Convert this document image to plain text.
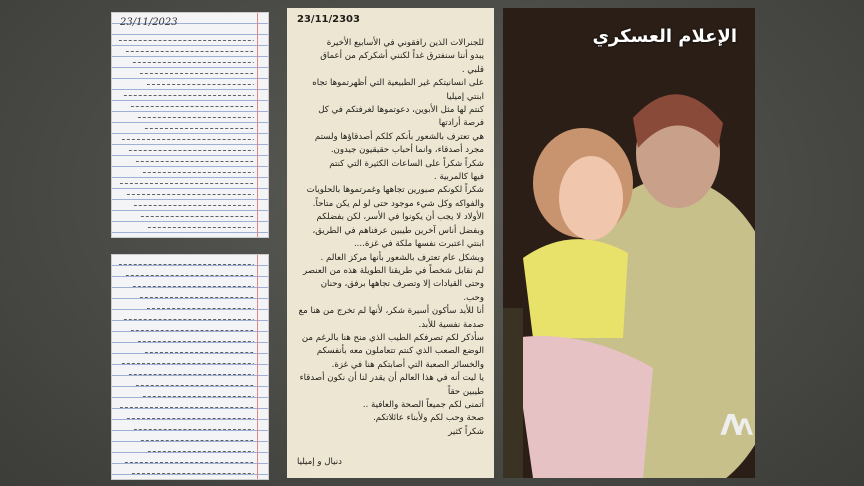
23/11/2023	23/11/2303
للجنرالات الذين رافقوني في الأسابيع الأخيرة
يبدو أننا سنفترق غداً لكنني أشكركم من أعماق
قلبي .
على انسانيتكم غير الطبيعية التي أظهرتموها تجاه
ابنتي إميليا
كنتم لها مثل الأبوين، دعوتموها لغرفتكم في كل
فرصة أرادتها
هي تعترف بالشعور بأنكم كلكم أصدقاؤها ولستم
مجرد أصدقاء، وانما أحباب حقيقيون جيدون.
شكراً شكراً على الساعات الكثيرة التي كنتم
فيها كالمربية .
شكراً لكونكم صبورين تجاهها وغمرتموها بالحلويات
والفواكه وكل شيء موجود حتى لو لم يكن متاحاً.
الأولاد لا يجب أن يكونوا في الأسر، لكن بفضلكم
وبفضل أناس آخرين طيبين عرفناهم في الطريق،
ابنتي اعتبرت نفسها ملكة في غزة....
وبشكل عام تعترف بالشعور بأنها مركز العالم .
لم نقابل شخصاً في طريقنا الطويلة هذه من العنصر
وحتى القيادات إلا وتصرف تجاهها برفق، وحنان
وحب.
أنا للأبد سأكون أسيرة شكر، لأنها لم تخرج من هنا مع
صدمة نفسية للأبد.
سأذكر لكم تصرفكم الطيب الذي منح هنا بالرغم من
الوضع الصعب الذي كنتم تتعاملون معه بأنفسكم
والخسائر الصعبة التي أصابتكم هنا في غزة.
يا ليت أنه في هذا العالم أن يقدر لنا أن نكون أصدقاء
طيبين حقاً
أتمنى لكم جميعاً الصحة والعافية ..
صحة وحب لكم ولأبناء عائلاتكم.
شكراً كثير
دنيال و إميليا
الإعلام العسكري
ΛΛ
